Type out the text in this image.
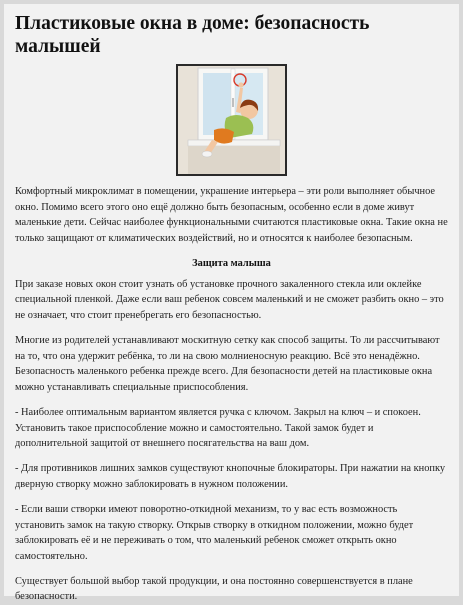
Пластиковые окна в доме: безопасность малышей

Комфортный микроклимат в помещении, украшение интерьера – эти роли выполняет обычное окно. Помимо всего этого оно ещё должно быть безопасным, особенно если в доме живут маленькие дети. Сейчас наиболее функциональными считаются пластиковые окна. Такие окна не только защищают от климатических воздействий, но и относятся к наиболее безопасным.

Защита малыша

При заказе новых окон стоит узнать об установке прочного закаленного стекла или оклейке специальной пленкой. Даже если ваш ребенок совсем маленький и не сможет разбить окно – это не означает, что стоит пренебрегать его безопасностью.

Многие из родителей устанавливают москитную сетку как способ защиты. То ли рассчитывают на то, что она удержит ребёнка, то ли на свою молниеносную реакцию. Всё это ненадёжно. Безопасность маленького ребенка прежде всего. Для безопасности детей на пластиковые окна можно устанавливать специальные приспособления.

- Наиболее оптимальным вариантом является ручка с ключом. Закрыл на ключ – и спокоен. Установить такое приспособление можно и самостоятельно. Такой замок будет и дополнительной защитой от внешнего посягательства на ваш дом.

- Для противников лишних замков существуют кнопочные блокираторы. При нажатии на кнопку дверную створку можно заблокировать в нужном положении.

- Если ваши створки имеют поворотно-откидной механизм, то у вас есть возможность установить замок на такую створку. Открыв створку в откидном положении, можно будет заблокировать её и не переживать о том, что маленький ребенок сможет открыть окно самостоятельно.

Существует большой выбор такой продукции, и она постоянно совершенствуется в плане безопасности.
